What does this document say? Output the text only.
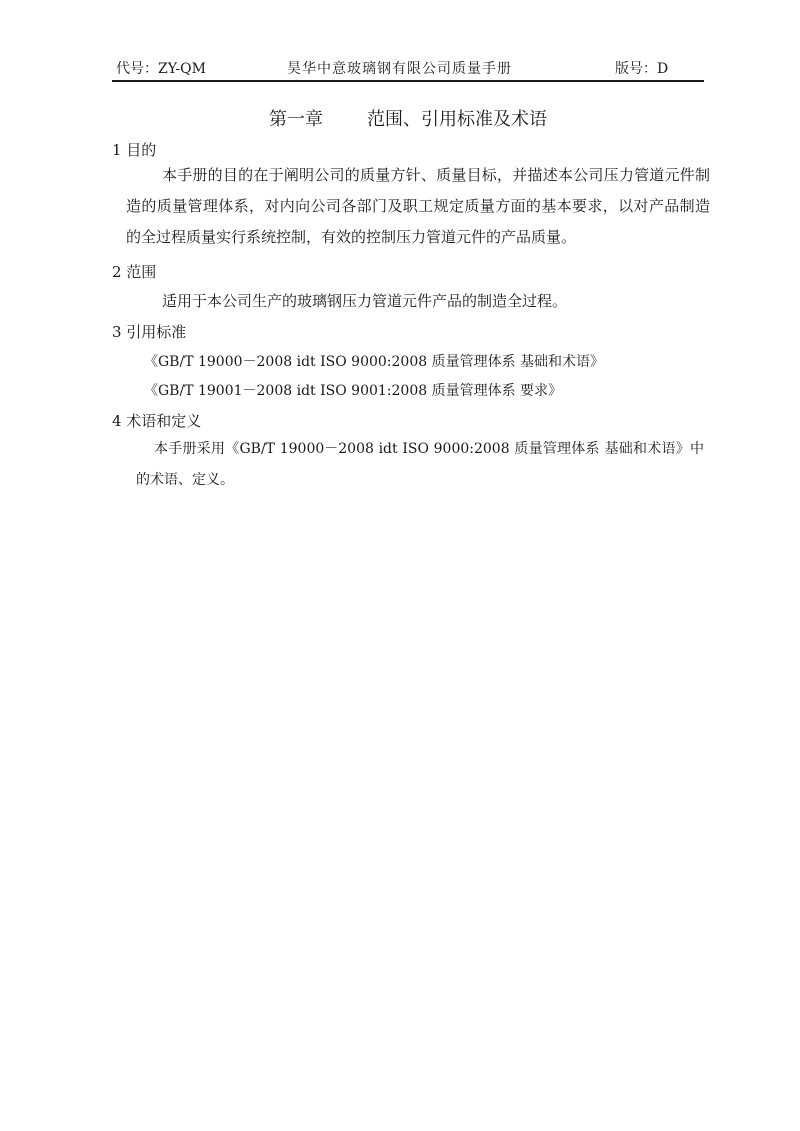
代号：ZY-QM	昊华中意玻璃钢有限公司质量手册	版号：D
第一章 范围、引用标准及术语
1 目的
本手册的目的在于阐明公司的质量方针、质量目标，并描述本公司压力管道元件制造的质量管理体系，对内向公司各部门及职工规定质量方面的基本要求，以对产品制造的全过程质量实行系统控制，有效的控制压力管道元件的产品质量。
2 范围
适用于本公司生产的玻璃钢压力管道元件产品的制造全过程。
3 引用标准
《GB/T 19000－2008 idt ISO 9000:2008 质量管理体系 基础和术语》
《GB/T 19001－2008 idt ISO 9001:2008 质量管理体系 要求》
4 术语和定义
本手册采用《GB/T 19000－2008 idt ISO 9000:2008 质量管理体系 基础和术语》中的术语、定义。
